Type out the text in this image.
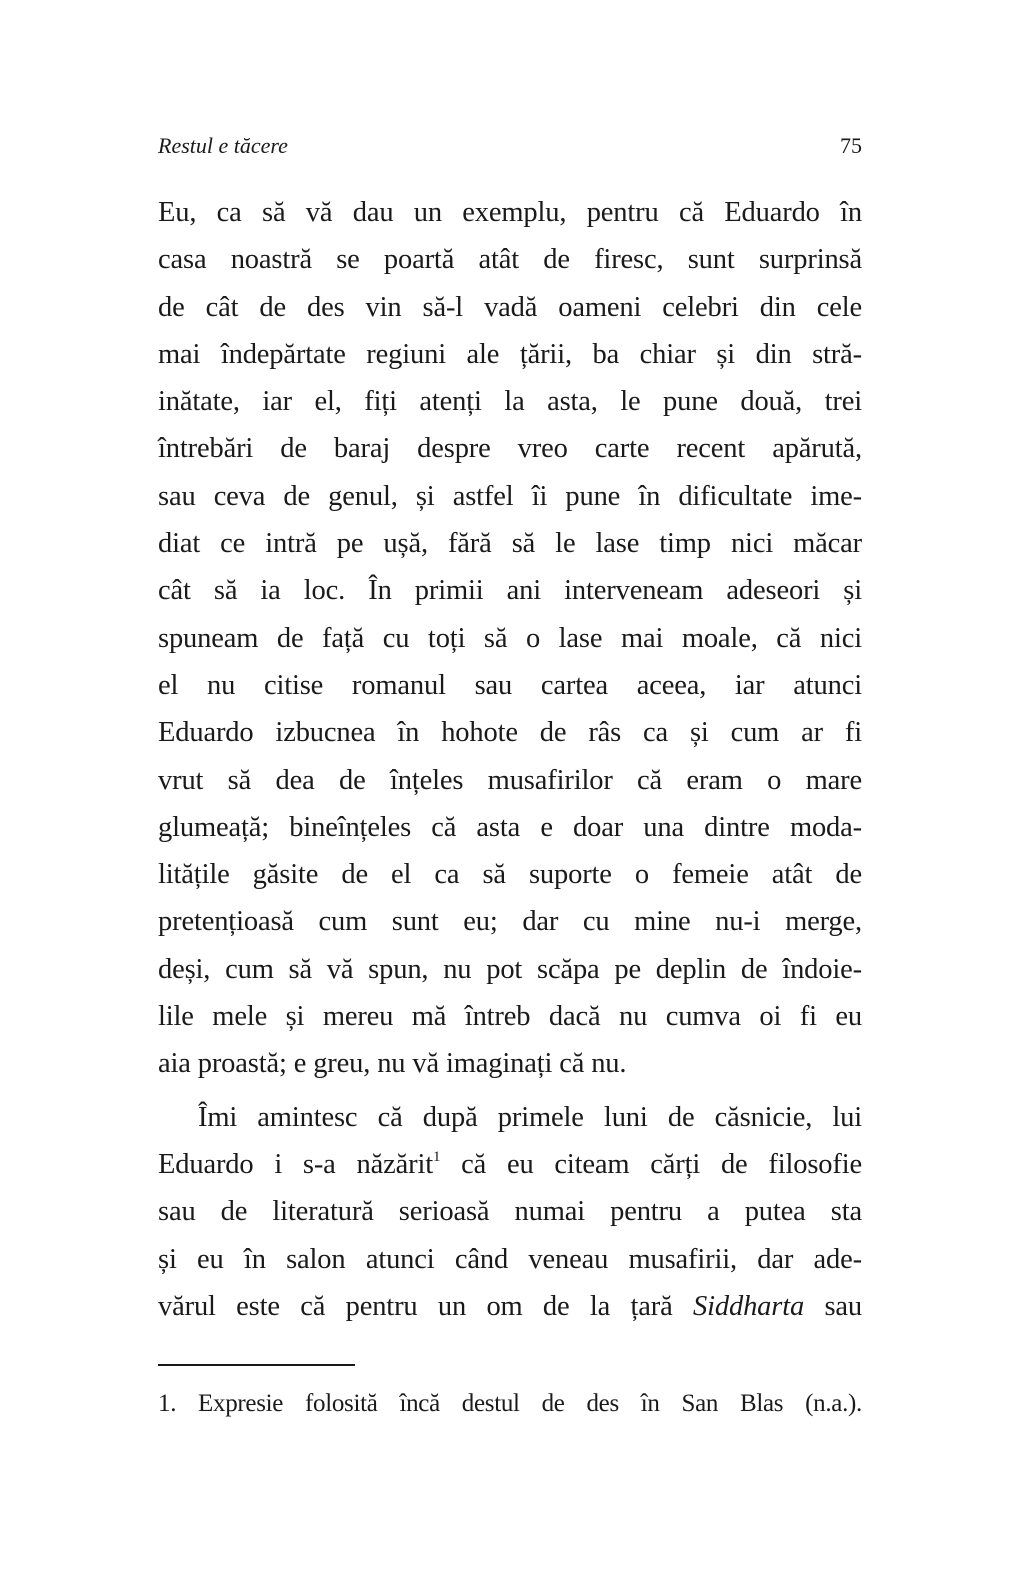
Restul e tăcere	75
Eu, ca să vă dau un exemplu, pentru că Eduardo în
casa noastră se poartă atât de firesc, sunt surprinsă
de cât de des vin să-l vadă oameni celebri din cele
mai îndepărtate regiuni ale țării, ba chiar și din stră-
inătate, iar el, fiți atenți la asta, le pune două, trei
întrebări de baraj despre vreo carte recent apărută,
sau ceva de genul, și astfel îi pune în dificultate ime-
diat ce intră pe ușă, fără să le lase timp nici măcar
cât să ia loc. În primii ani interveneam adeseori și
spuneam de față cu toți să o lase mai moale, că nici
el nu citise romanul sau cartea aceea, iar atunci
Eduardo izbucnea în hohote de râs ca și cum ar fi
vrut să dea de înțeles musafirilor că eram o mare
glumeață; bineînțeles că asta e doar una dintre moda-
litățile găsite de el ca să suporte o femeie atât de
pretențioasă cum sunt eu; dar cu mine nu-i merge,
deși, cum să vă spun, nu pot scăpa pe deplin de îndoie-
lile mele și mereu mă întreb dacă nu cumva oi fi eu
aia proastă; e greu, nu vă imaginați că nu.
Îmi amintesc că după primele luni de căsnicie, lui
Eduardo i s-a năzărit$^1$ că eu citeam cărți de filosofie
sau de literatură serioasă numai pentru a putea sta
și eu în salon atunci când veneau musafirii, dar ade-
vărul este că pentru un om de la țară Siddharta sau
1. Expresie folosită încă destul de des în San Blas (n.a.).
